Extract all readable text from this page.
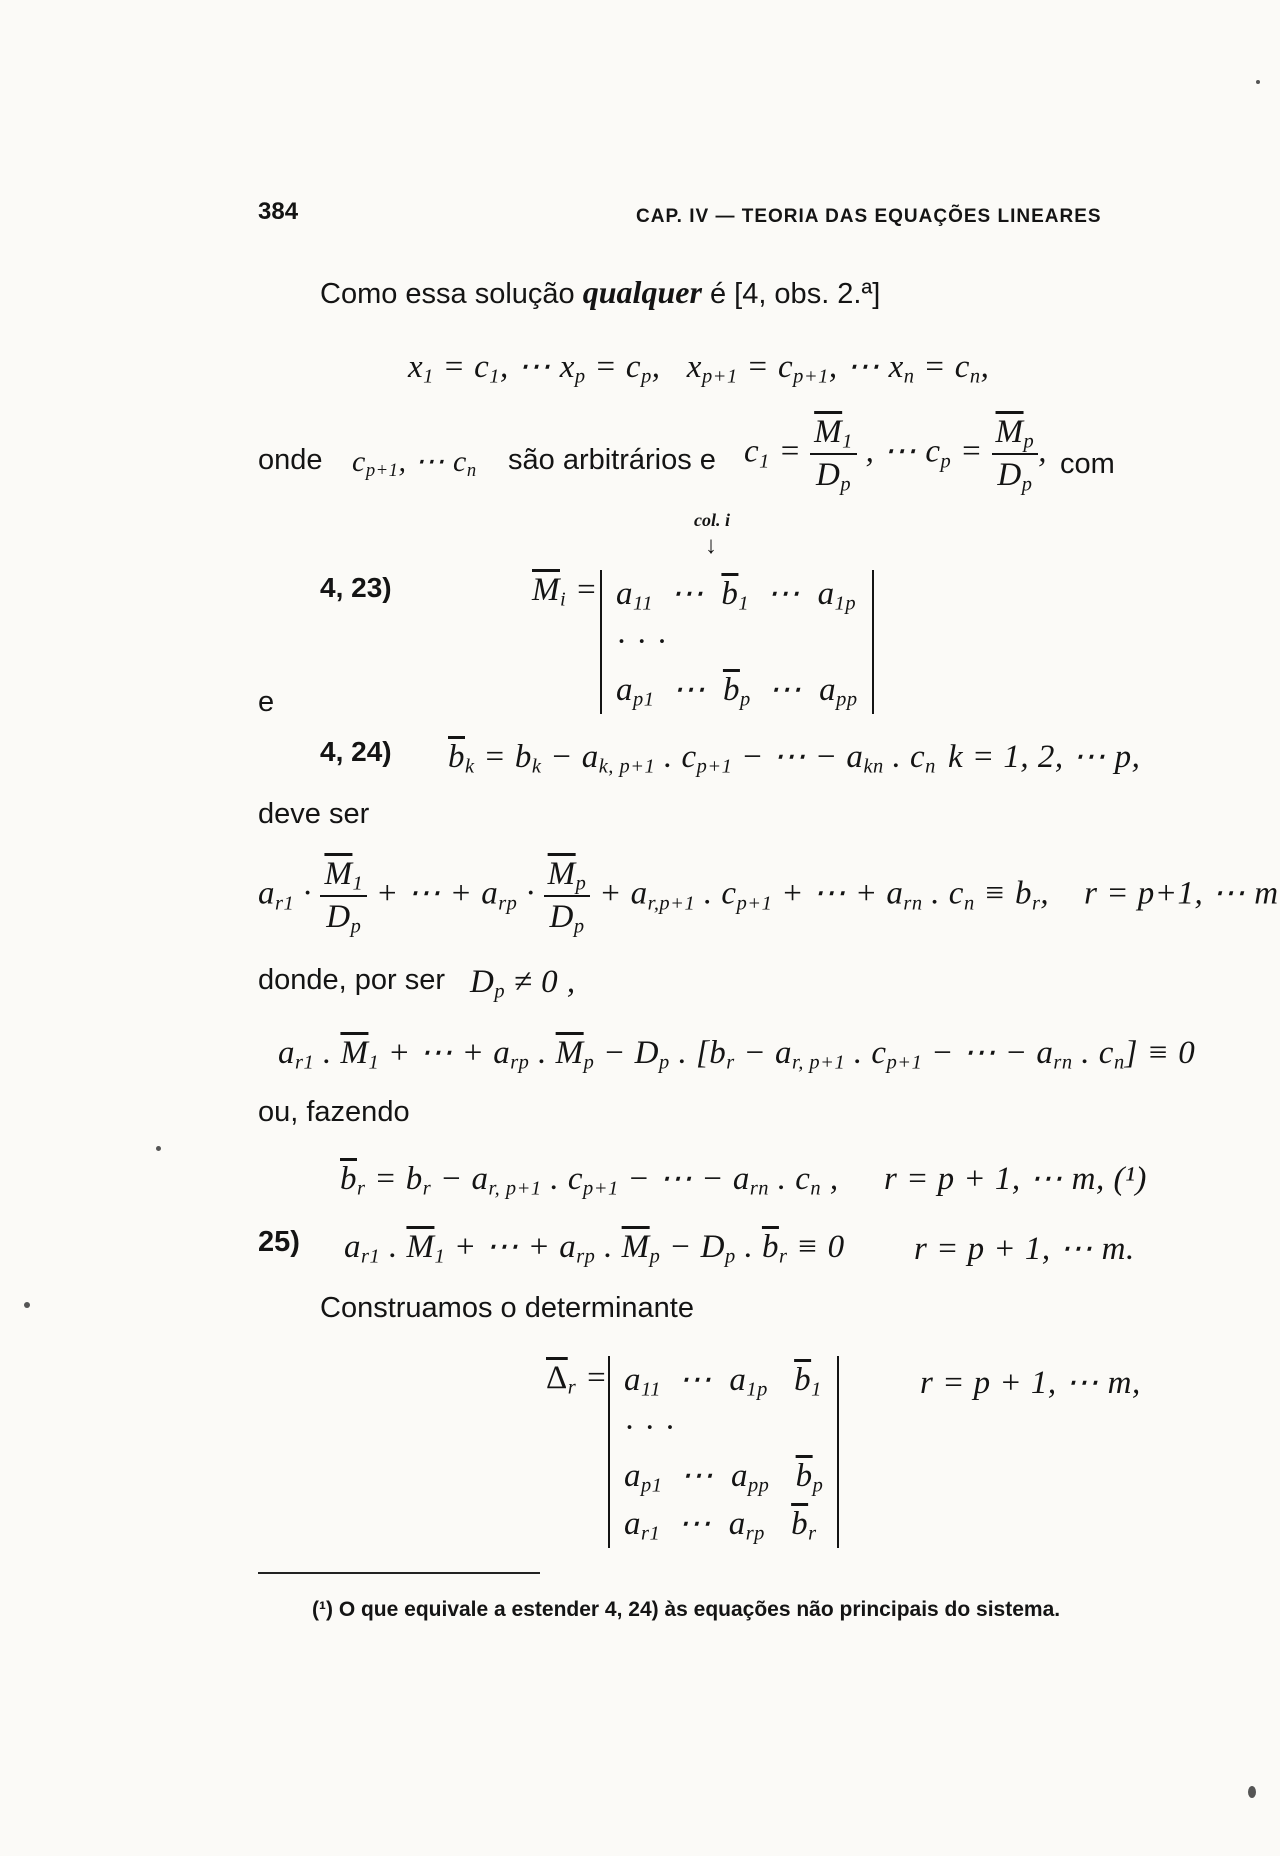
384	CAP. IV — TEORIA DAS EQUAÇÕES LINEARES
Como essa solução qualquer é [4, obs. 2.ª]
$x_1 = c_1$, ⋯ $x_p = c_p$,   $x_{p+1} = c_{p+1}$, ⋯ $x_n = c_n$,
onde $c_{p+1}$, ⋯ $c_n$ são arbitrários e $c_1 = \frac{\overline{M}_1}{D_p}$ , ⋯ $c_p = \frac{\overline{M}_p}{D_p}$ , com
col. i
↓
4, 23)	$\overline{M}_i = a_{11}$  ⋯  $\overline{b}_1$  ⋯  $a_{1p}$
· · ·
$a_{p1}$  ⋯  $\overline{b}_p$  ⋯  $a_{pp}$
e
4, 24) $\overline{b}_k = b_k - a_{k, p+1}$ . $c_{p+1}$ − ⋯ − $a_{kn}$ . $c_n$ k = 1, 2, ⋯ p,
deve ser
$a_{r1} \cdot \frac{\overline{M}_1}{D_p}$ + ⋯ + $a_{rp} \cdot \frac{\overline{M}_p}{D_p} + a_{r,p+1}$ . $c_{p+1}$ + ⋯ + $a_{rn}$ . $c_n \equiv b_r$,    r = p+1, ⋯ m
donde, por ser $D_p \ne 0$ ,
$a_{r1}$ . $\overline{M}_1$ + ⋯ + $a_{rp}$ . $\overline{M}_p - D_p$ . [$b_r - a_{r, p+1}$ . $c_{p+1}$ − ⋯ − $a_{rn}$ . $c_n] \equiv 0$
ou, fazendo
$\overline{b}_r = b_r - a_{r, p+1}$ . $c_{p+1}$ − ⋯ − $a_{rn}$ . $c_n$ , r = p + 1, ⋯ m, (¹)
25) $a_{r1}$ . $\overline{M}_1$ + ⋯ + $a_{rp}$ . $\overline{M}_p - D_p$ . $\overline{b}_r \equiv 0$ r = p + 1, ⋯ m.
Construamos o determinante
$\overline{\Delta}_r = a_{11}$  ⋯  $a_{1p}$ $\overline{b}_1$
· · ·
$a_{p1}$  ⋯  $a_{pp}$ $\overline{b}_p$
$a_{r1}$  ⋯  $a_{rp}$ $\overline{b}_r$
r = p + 1, ⋯ m,
(¹) O que equivale a estender 4, 24) às equações não principais do sistema.
